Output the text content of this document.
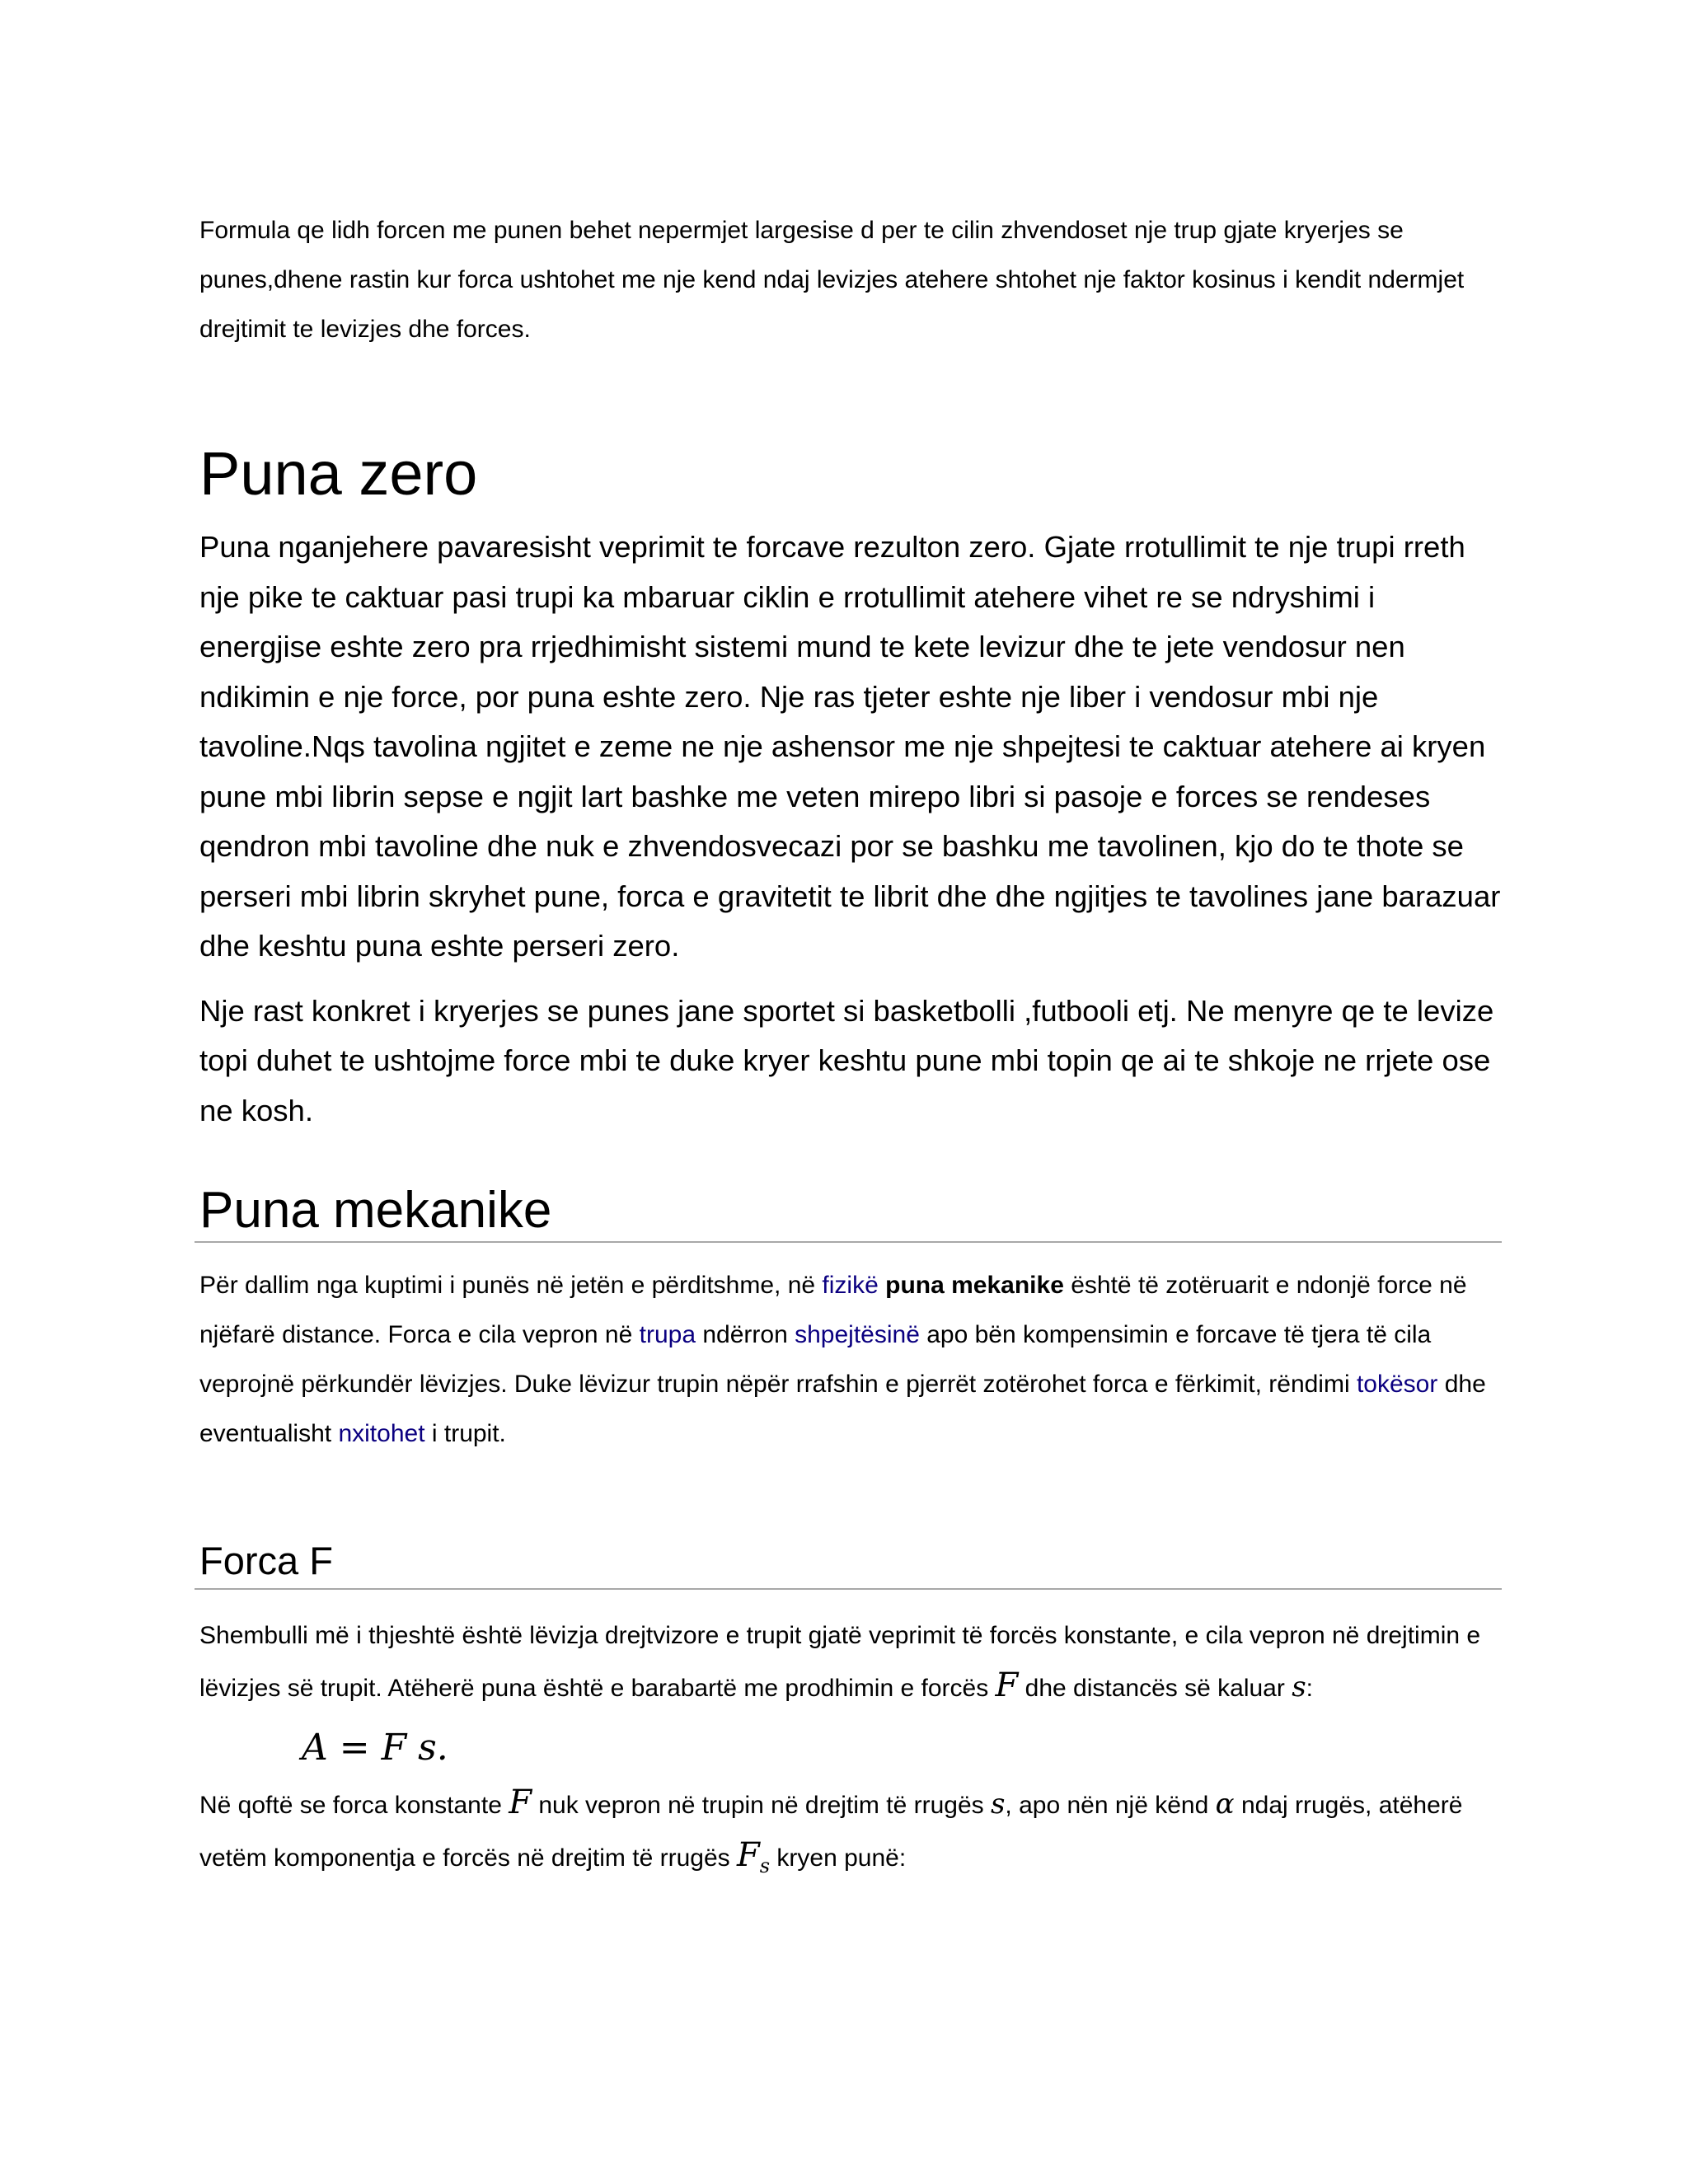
Formula qe lidh forcen me punen behet nepermjet largesise d per te cilin zhvendoset nje trup gjate kryerjes se punes,dhene rastin kur forca ushtohet me nje kend ndaj levizjes atehere shtohet nje faktor kosinus i kendit ndermjet drejtimit te levizjes dhe forces.

Puna zero

Puna nganjehere pavaresisht veprimit te forcave rezulton zero. Gjate rrotullimit te nje trupi rreth nje pike te caktuar pasi trupi ka mbaruar ciklin e rrotullimit atehere vihet re se ndryshimi i energjise eshte zero pra rrjedhimisht sistemi mund te kete levizur dhe te jete vendosur nen ndikimin e nje force, por puna eshte zero. Nje ras tjeter eshte nje liber i vendosur mbi nje tavoline.Nqs tavolina ngjitet e zeme ne nje ashensor me nje shpejtesi te caktuar atehere ai kryen pune mbi librin sepse e ngjit lart bashke me veten mirepo libri si pasoje e forces se rendeses qendron mbi tavoline dhe nuk e zhvendosvecazi por se bashku me tavolinen, kjo do te thote se perseri mbi librin skryhet pune, forca e gravitetit te librit dhe dhe ngjitjes te tavolines jane barazuar dhe keshtu puna eshte perseri zero.

Nje rast konkret i kryerjes se punes jane sportet si basketbolli ,futbooli etj. Ne menyre qe te levize topi duhet te ushtojme force mbi te duke kryer keshtu pune mbi topin qe ai te shkoje ne rrjete ose ne kosh.

Puna mekanike

Për dallim nga kuptimi i punës në jetën e përditshme, në fizikë puna mekanike është të zotëruarit e ndonjë force në njëfarë distance. Forca e cila vepron në trupa ndërron shpejtësinë apo bën kompensimin e forcave të tjera të cila veprojnë përkundër lëvizjes. Duke lëvizur trupin nëpër rrafshin e pjerrët zotërohet forca e fërkimit, rëndimi tokësor dhe eventualisht nxitohet i trupit.

Forca F

Shembulli më i thjeshtë është lëvizja drejtvizore e trupit gjatë veprimit të forcës konstante, e cila vepron në drejtimin e lëvizjes së trupit. Atëherë puna është e barabartë me prodhimin e forcës F dhe distancës së kaluar s:

A = F s.

Në qoftë se forca konstante F nuk vepron në trupin në drejtim të rrugës s, apo nën një kënd α ndaj rrugës, atëherë vetëm komponentja e forcës në drejtim të rrugës $F_s$ kryen punë:
